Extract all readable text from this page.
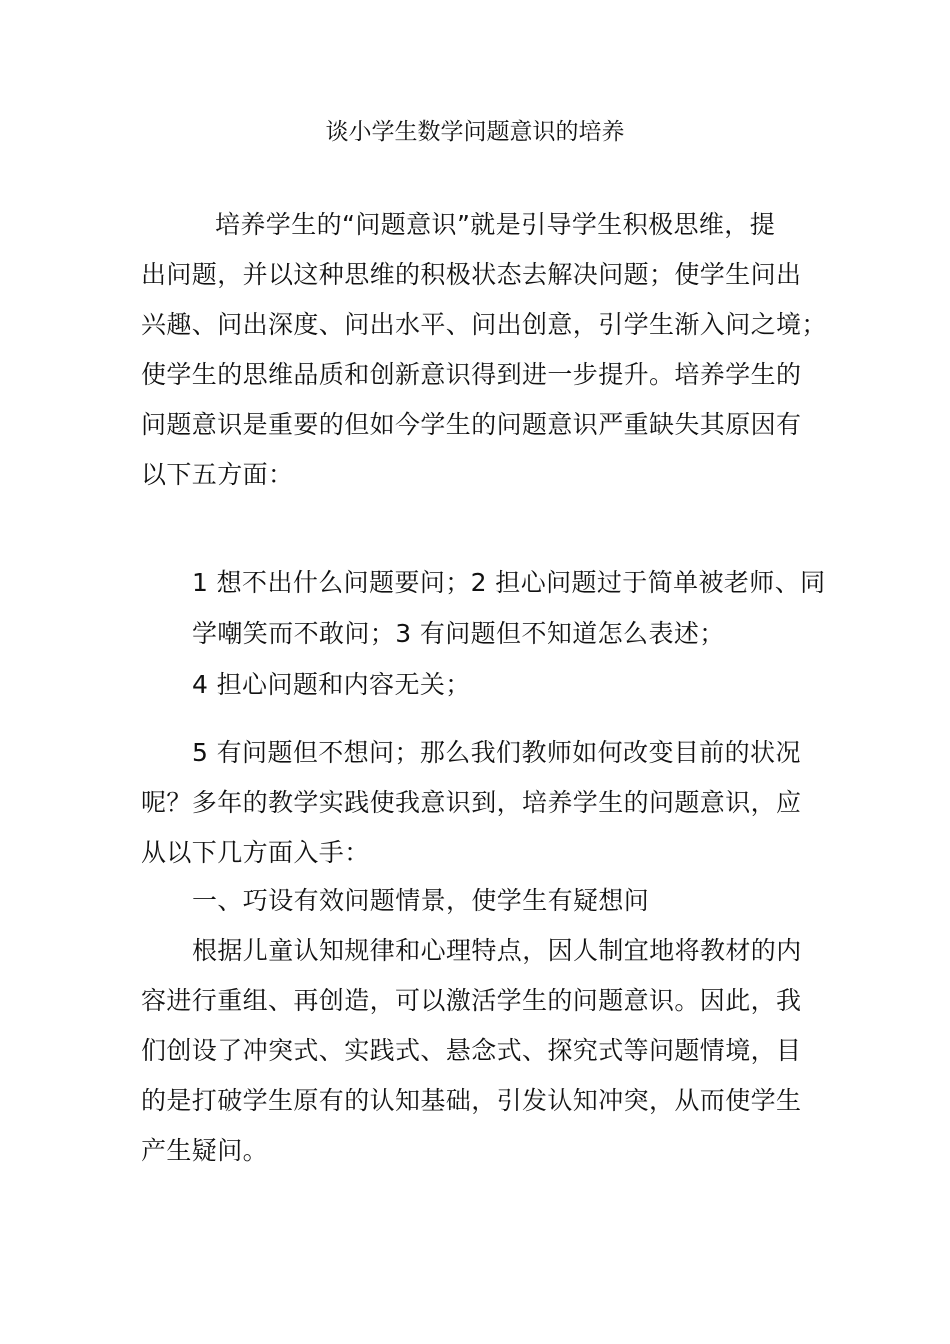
谈小学生数学问题意识的培养
培养学生的“问题意识”就是引导学生积极思维，提
出问题，并以这种思维的积极状态去解决问题；使学生问出
兴趣、问出深度、问出水平、问出创意，引学生渐入问之境；
使学生的思维品质和创新意识得到进一步提升。培养学生的
问题意识是重要的但如今学生的问题意识严重缺失其原因有
以下五方面：
1 想不出什么问题要问；2 担心问题过于简单被老师、同
学嘲笑而不敢问；3 有问题但不知道怎么表述；
4 担心问题和内容无关；
5 有问题但不想问；那么我们教师如何改变目前的状况
呢？多年的教学实践使我意识到，培养学生的问题意识，应
从以下几方面入手：
一、巧设有效问题情景，使学生有疑想问
根据儿童认知规律和心理特点，因人制宜地将教材的内
容进行重组、再创造，可以激活学生的问题意识。因此，我
们创设了冲突式、实践式、悬念式、探究式等问题情境，目
的是打破学生原有的认知基础，引发认知冲突，从而使学生
产生疑问。
